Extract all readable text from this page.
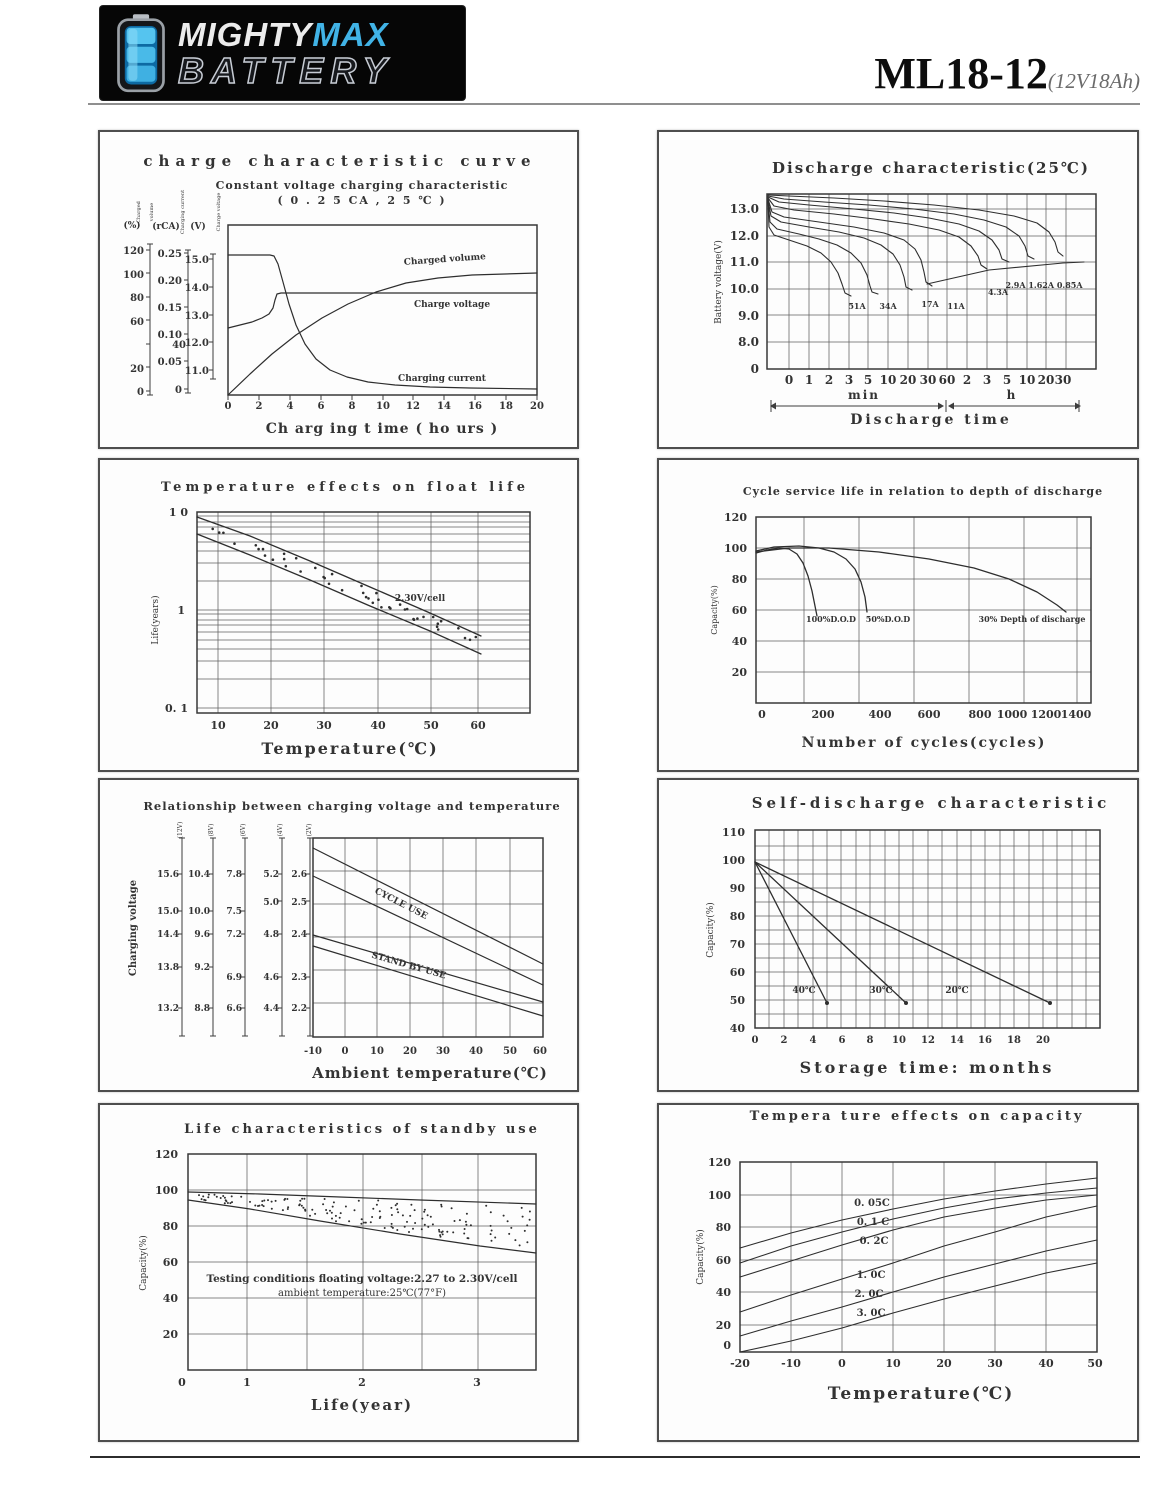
MIGHTYMAX
BATTERY	ML18-12(12V18Ah)
charge characteristic curve
Constant voltage charging characteristic
( 0 . 2 5 CA , 2 5 ℃ )
(%) (rCA) (V)
Charged volume	Charging current	Charge voltage
120
100
80
60
20
0
0.25
0.20
0.15
0.10
0.05
0
15.0
14.0
13.0
40
12.0
11.0
0 2 4 6 8 10 12 14 16 18 20
Ch arg ing t ime ( ho urs )
Charged volume
Charge voltage
Charging current
Discharge characteristic(25℃)
13.0
12.0
11.0
10.0
9.0
8.0
0
Battery voltage(V)
0 1 2 3 5 10 20 30 60 2 3 5 10 20 30
min	h
Discharge time
51A 34A	17A 11A
4.3A
2.9A 1.62A 0.85A
Temperature effects on float life
1 0
1
0. 1
Life(years)
10	20	30	40	50	60
Temperature(℃)
2.30V/cell
Cycle service life in relation to depth of discharge
120
100
80
60
40
20
Capacity(%)
0	200	400 600	800 1000 1200 1400
Number of cycles(cycles)
100%D.O.D 50%D.O.D	30% Depth of discharge
Relationship between charging voltage and temperature
Charging voltage
(12V)	(8V)	(6V)	(4V)	(2V)
15.6
15.0
14.4
13.8
13.2
10.4
10.0
9.6
9.2
8.8
7.8
7.5
7.2
6.9
6.6
5.2
5.0
4.8
4.6
4.4
2.6
2.5
2.4
2.3
2.2
-10 0 10 20 30 40 50 60
Ambient temperature(℃)
CYCLE USE
STAND BY USE
Self-discharge characteristic
110
100
90
80
70
60
50
40
Capacity(%)
0 2 4 6 8 10 12 14 16 18 20
Storage time: months
40℃	30℃	20℃
Life characteristics of standby use
120
100
80
60
40
20
Capacity(%)
0	1	2	3
Life(year)
Testing conditions floating voltage:2.27 to 2.30V/cell
ambient temperature:25℃(77°F)
Tempera ture effects on capacity
120
100
80
60
40
20
0
Capacity(%)
-20	-10	0	10	20	30	40	50
Temperature(℃)
0. 05C
0. 1 C
0. 2C
1. 0C
2. 0C
3. 0C
